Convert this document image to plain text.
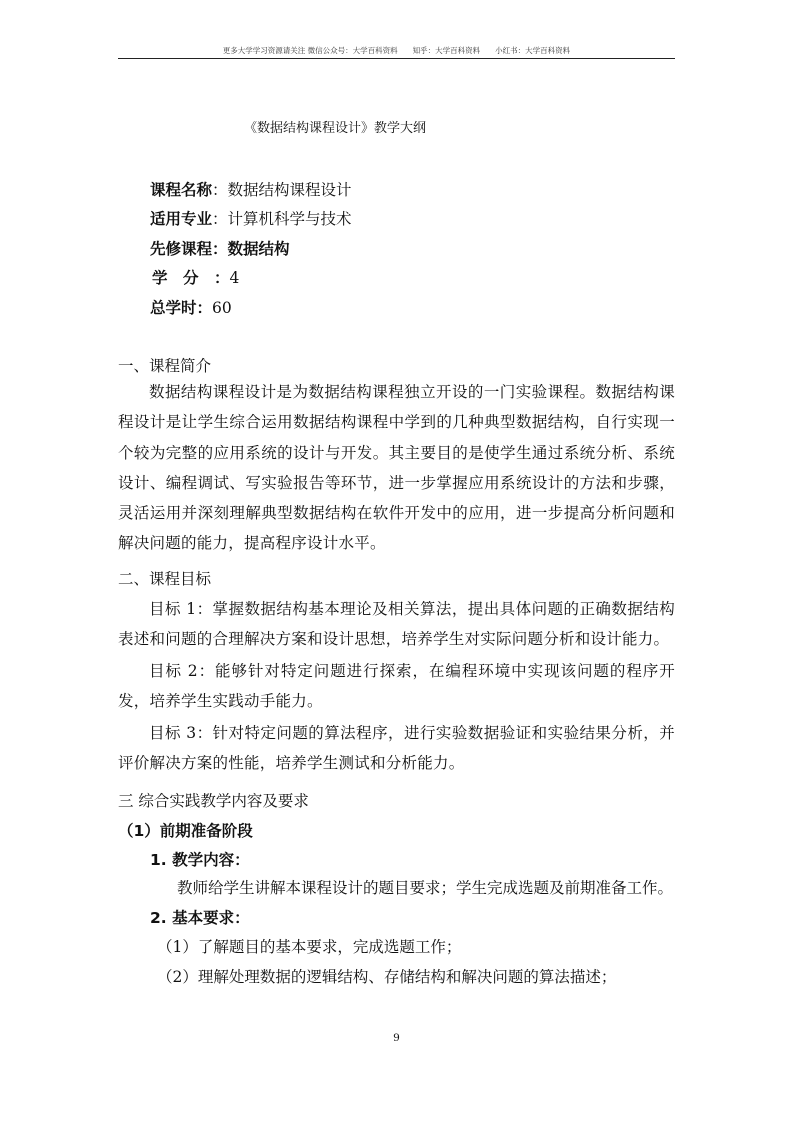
更多大学学习资源请关注 微信公众号：大学百科资料　　知乎：大学百科资料　　小红书：大学百科资料
《数据结构课程设计》教学大纲
课程名称：数据结构课程设计
适用专业：计算机科学与技术
先修课程：数据结构
学　分　：4
总学时：60
一、课程简介
数据结构课程设计是为数据结构课程独立开设的一门实验课程。数据结构课程设计是让学生综合运用数据结构课程中学到的几种典型数据结构，自行实现一个较为完整的应用系统的设计与开发。其主要目的是使学生通过系统分析、系统设计、编程调试、写实验报告等环节，进一步掌握应用系统设计的方法和步骤，灵活运用并深刻理解典型数据结构在软件开发中的应用，进一步提高分析问题和解决问题的能力，提高程序设计水平。
二、课程目标
目标 1：掌握数据结构基本理论及相关算法，提出具体问题的正确数据结构表述和问题的合理解决方案和设计思想，培养学生对实际问题分析和设计能力。
目标 2：能够针对特定问题进行探索，在编程环境中实现该问题的程序开发，培养学生实践动手能力。
目标 3：针对特定问题的算法程序，进行实验数据验证和实验结果分析，并评价解决方案的性能，培养学生测试和分析能力。
三 综合实践教学内容及要求
（1）前期准备阶段
1. 教学内容：
教师给学生讲解本课程设计的题目要求；学生完成选题及前期准备工作。
2. 基本要求：
（1）了解题目的基本要求，完成选题工作；
（2）理解处理数据的逻辑结构、存储结构和解决问题的算法描述；
9
